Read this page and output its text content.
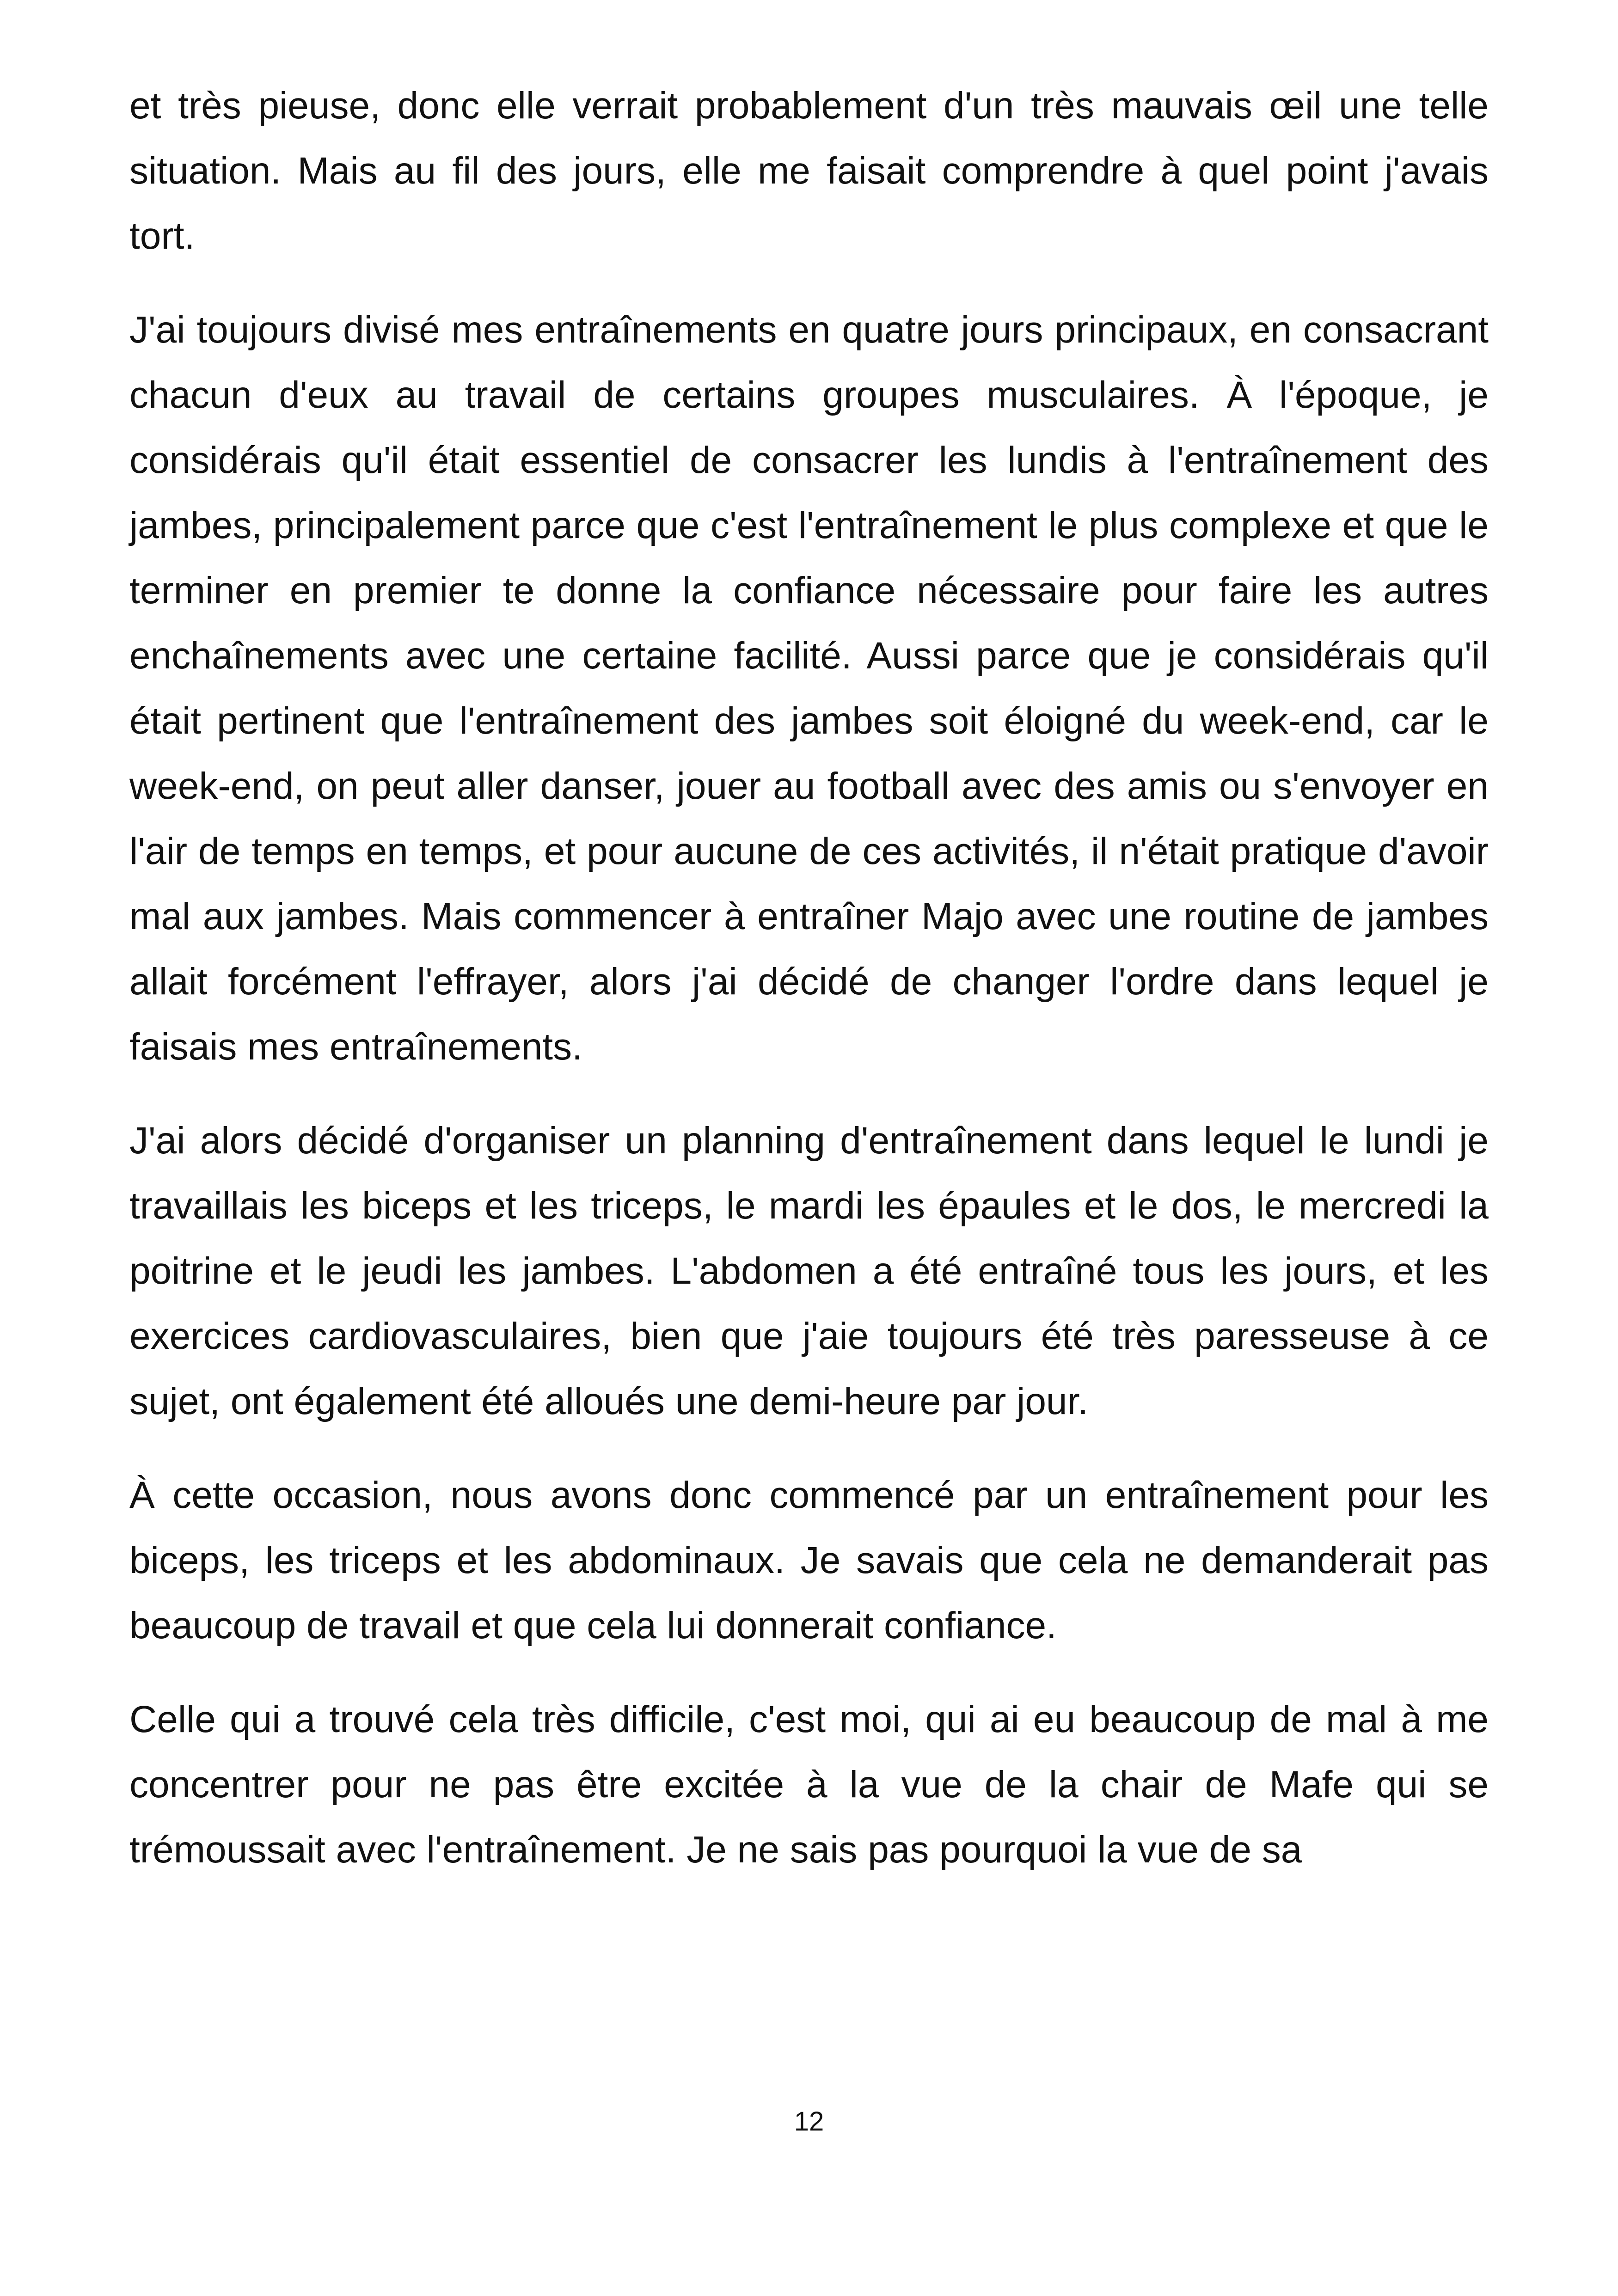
et très pieuse, donc elle verrait probablement d'un très mauvais œil une telle situation. Mais au fil des jours, elle me faisait comprendre à quel point j'avais tort.

J'ai toujours divisé mes entraînements en quatre jours principaux, en consacrant chacun d'eux au travail de certains groupes musculaires. À l'époque, je considérais qu'il était essentiel de consacrer les lundis à l'entraînement des jambes, principalement parce que c'est l'entraînement le plus complexe et que le terminer en premier te donne la confiance nécessaire pour faire les autres enchaînements avec une certaine facilité. Aussi parce que je considérais qu'il était pertinent que l'entraînement des jambes soit éloigné du week-end, car le week-end, on peut aller danser, jouer au football avec des amis ou s'envoyer en l'air de temps en temps, et pour aucune de ces activités, il n'était pratique d'avoir mal aux jambes. Mais commencer à entraîner Majo avec une routine de jambes allait forcément l'effrayer, alors j'ai décidé de changer l'ordre dans lequel je faisais mes entraînements.

J'ai alors décidé d'organiser un planning d'entraînement dans lequel le lundi je travaillais les biceps et les triceps, le mardi les épaules et le dos, le mercredi la poitrine et le jeudi les jambes. L'abdomen a été entraîné tous les jours, et les exercices cardiovasculaires, bien que j'aie toujours été très paresseuse à ce sujet, ont également été alloués une demi-heure par jour.

À cette occasion, nous avons donc commencé par un entraînement pour les biceps, les triceps et les abdominaux. Je savais que cela ne demanderait pas beaucoup de travail et que cela lui donnerait confiance.

Celle qui a trouvé cela très difficile, c'est moi, qui ai eu beaucoup de mal à me concentrer pour ne pas être excitée à la vue de la chair de Mafe qui se trémoussait avec l'entraînement. Je ne sais pas pourquoi la vue de sa

12
